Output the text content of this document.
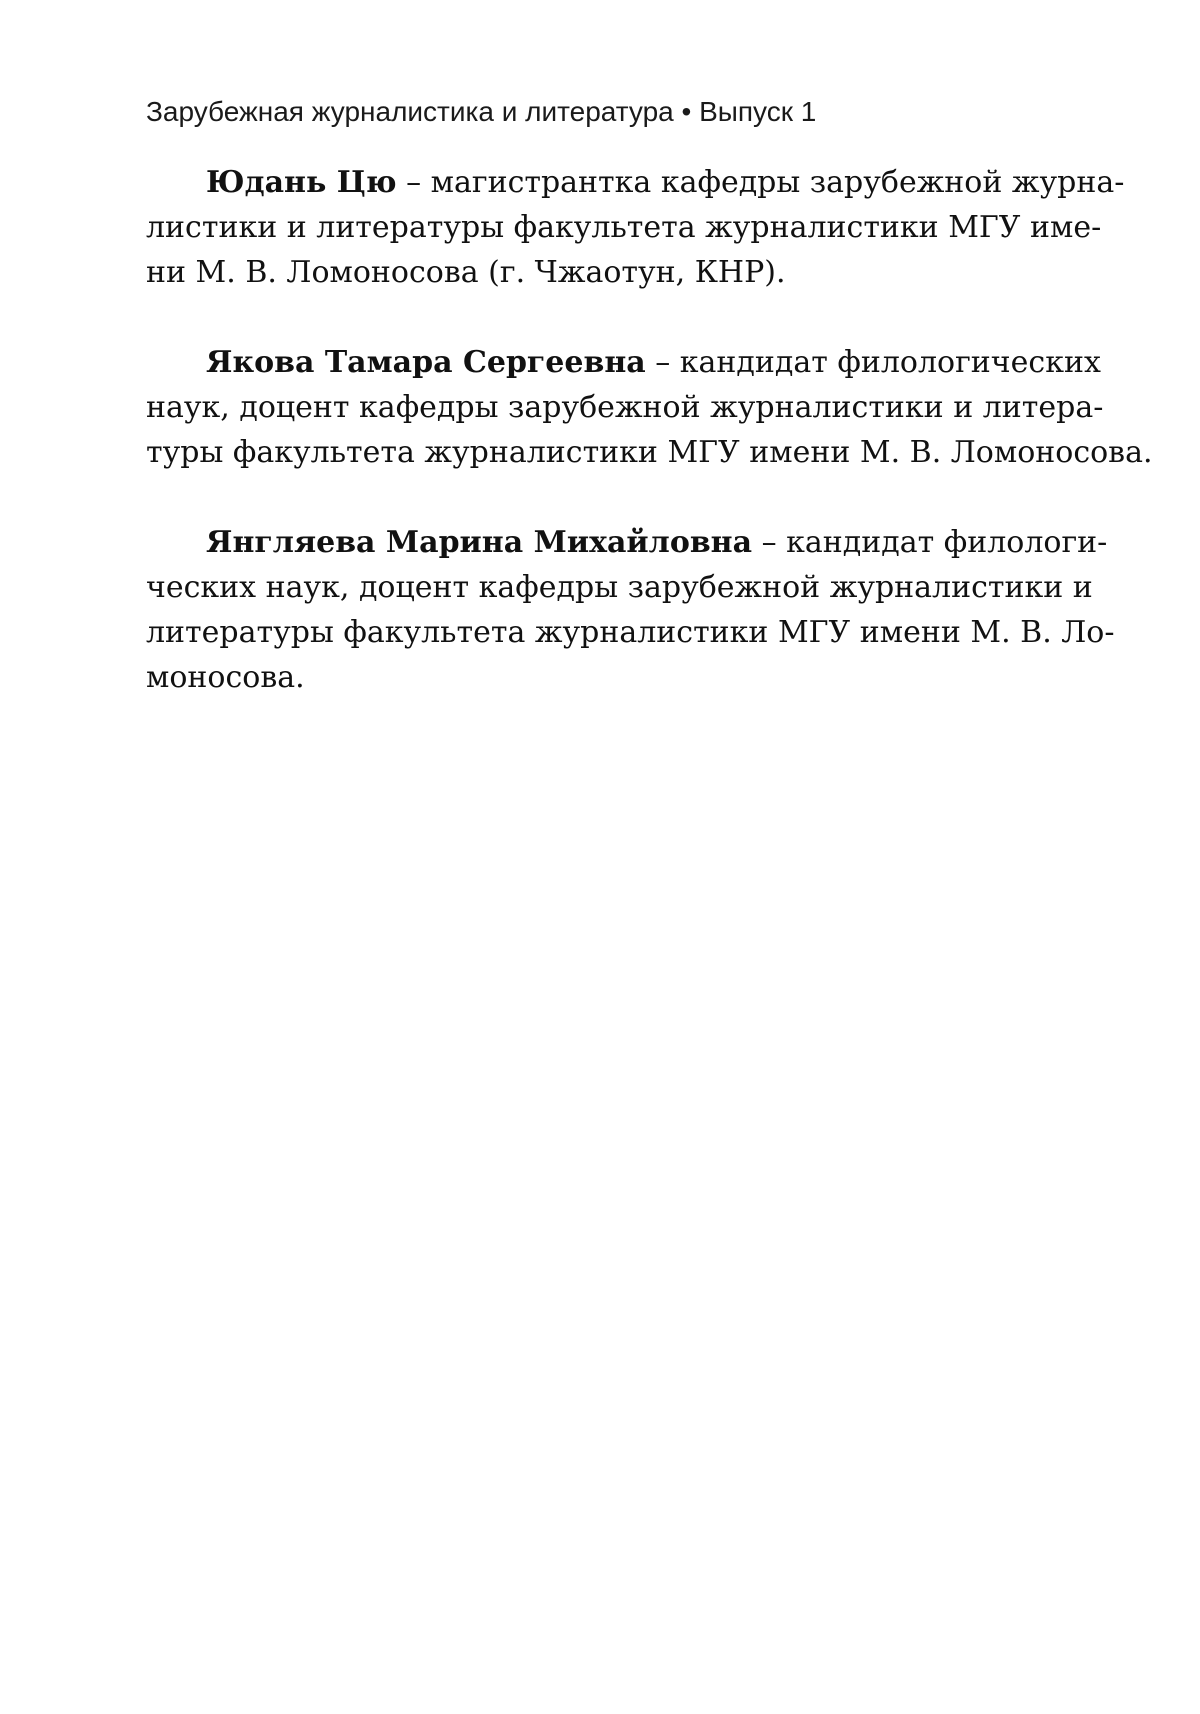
Зарубежная журналистика и литература • Выпуск 1
Юдань Цю – магистрантка кафедры зарубежной журна-
листики и литературы факультета журналистики МГУ име-
ни М. В. Ломоносова (г. Чжаотун, КНР).
Якова Тамара Сергеевна – кандидат филологических
наук, доцент кафедры зарубежной журналистики и литера-
туры факультета журналистики МГУ имени М. В. Ломоносова.
Янгляева Марина Михайловна – кандидат филологи-
ческих наук, доцент кафедры зарубежной журналистики и
литературы факультета журналистики МГУ имени М. В. Ло-
моносова.
